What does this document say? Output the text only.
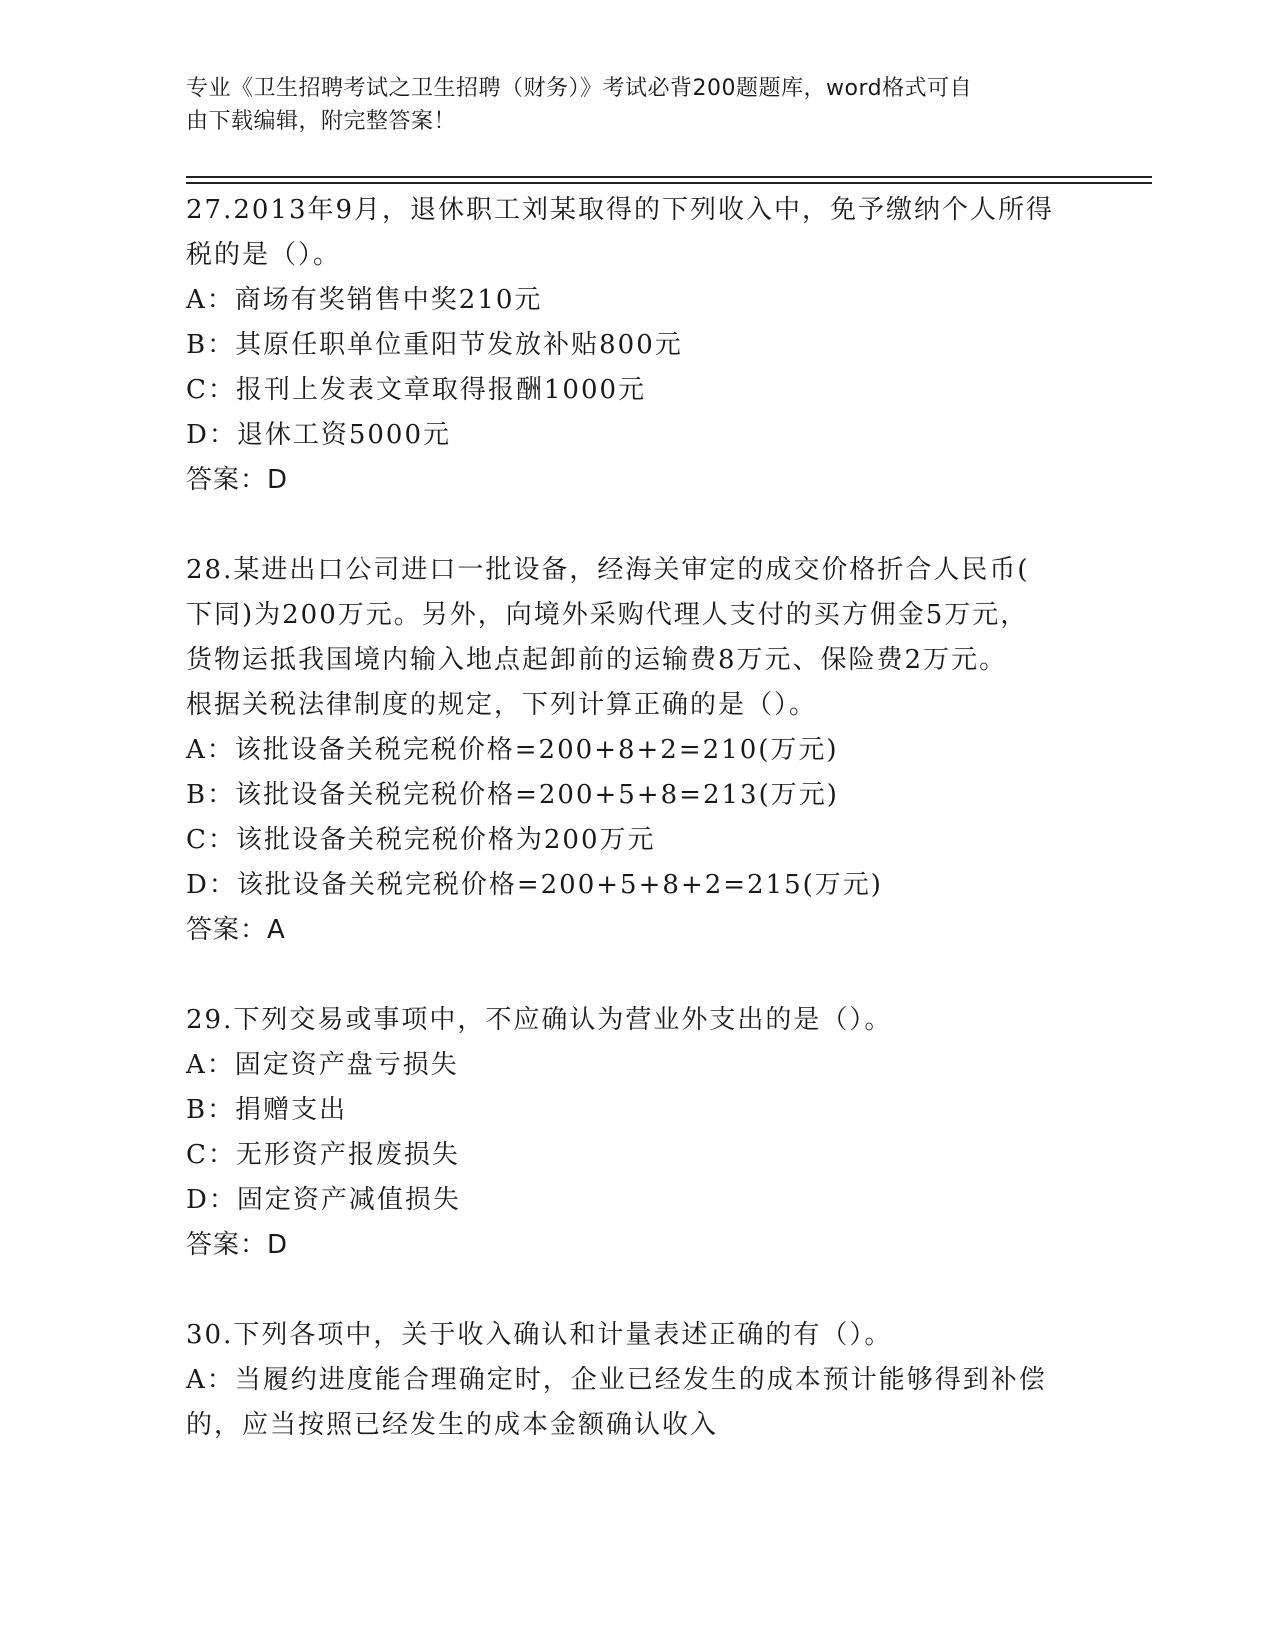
专业《卫生招聘考试之卫生招聘（财务）》考试必背200题题库，word格式可自
由下载编辑，附完整答案！
27.2013年9月，退休职工刘某取得的下列收入中，免予缴纳个人所得
税的是（）。
A：商场有奖销售中奖210元
B：其原任职单位重阳节发放补贴800元
C：报刊上发表文章取得报酬1000元
D：退休工资5000元
答案：D
28.某进出口公司进口一批设备，经海关审定的成交价格折合人民币(
下同)为200万元。另外，向境外采购代理人支付的买方佣金5万元，
货物运抵我国境内输入地点起卸前的运输费8万元、保险费2万元。
根据关税法律制度的规定，下列计算正确的是（）。
A：该批设备关税完税价格=200+8+2=210(万元)
B：该批设备关税完税价格=200+5+8=213(万元)
C：该批设备关税完税价格为200万元
D：该批设备关税完税价格=200+5+8+2=215(万元)
答案：A
29.下列交易或事项中，不应确认为营业外支出的是（）。
A：固定资产盘亏损失
B：捐赠支出
C：无形资产报废损失
D：固定资产减值损失
答案：D
30.下列各项中，关于收入确认和计量表述正确的有（）。
A：当履约进度能合理确定时，企业已经发生的成本预计能够得到补偿
的，应当按照已经发生的成本金额确认收入
